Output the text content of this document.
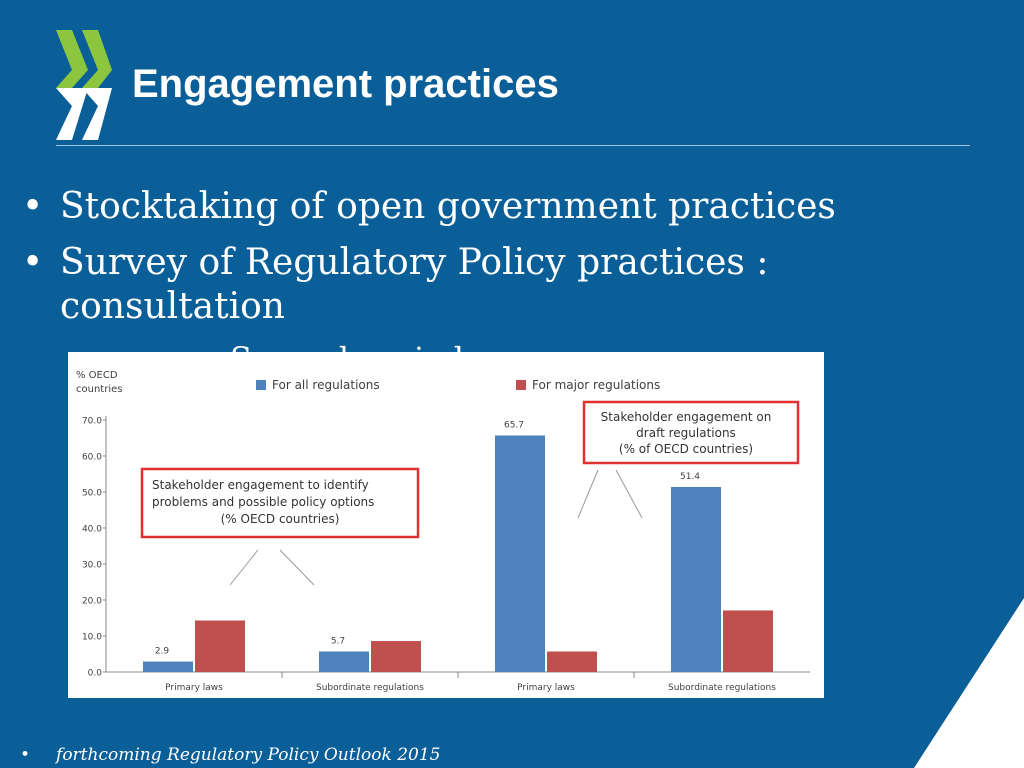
Engagement practices
• Stocktaking of open government practices
• Survey of Regulatory Policy practices : consultation
% OECD
countries
0.0
10.0
20.0
30.0
40.0
50.0
60.0
70.0
Primary laws
2.9
Subordinate regulations
5.7
Primary laws
65.7
Subordinate regulations
51.4
For all regulations	For major regulations
Stakeholder engagement to identify
problems and possible policy options
(% OECD countries)
Stakeholder engagement on
draft regulations
(% of OECD countries)
• forthcoming Regulatory Policy Outlook 2015
